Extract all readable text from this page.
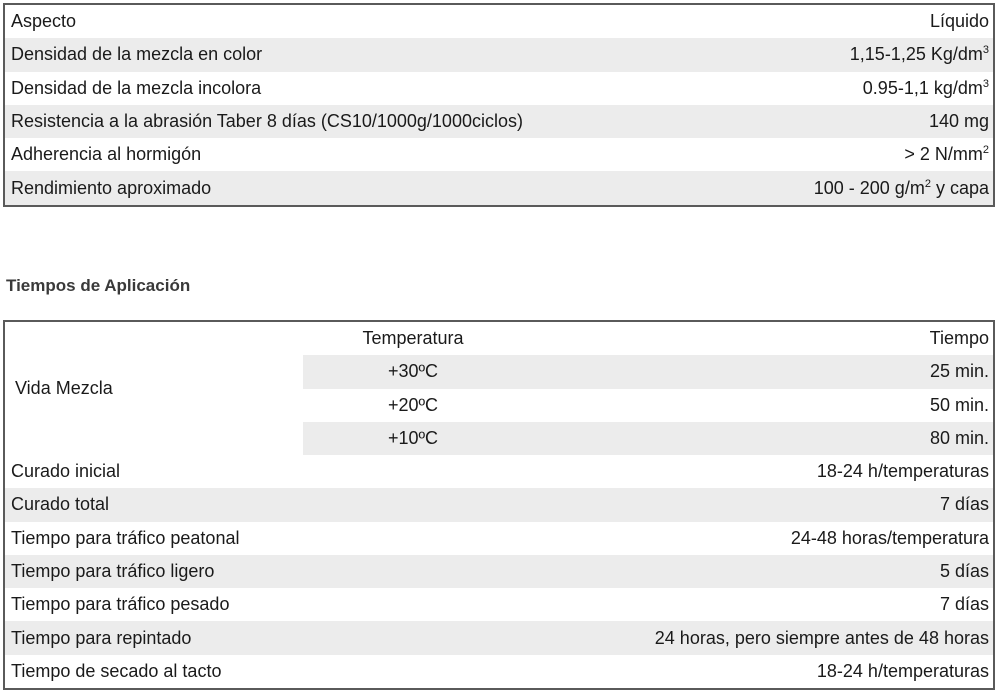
Aspecto	Líquido
Densidad de la mezcla en color	1,15-1,25 $Kg/dm^3$
Densidad de la mezcla incolora	0.95-1,1 $kg/dm^3$
Resistencia a la abrasión Taber 8 días (CS10/1000g/1000ciclos)	140 mg
Adherencia al hormigón	> 2 $N/mm^2$
Rendimiento aproximado	100 - 200 $g/m^2$ y capa
Tiempos de Aplicación
Vida Mezcla
Temperatura	Tiempo
+30ºC	25 min.
+20ºC	50 min.
+10ºC	80 min.
Curado inicial	18-24 h/temperaturas
Curado total	7 días
Tiempo para tráfico peatonal	24-48 horas/temperatura
Tiempo para tráfico ligero	5 días
Tiempo para tráfico pesado	7 días
Tiempo para repintado	24 horas, pero siempre antes de 48 horas
Tiempo de secado al tacto	18-24 h/temperaturas
